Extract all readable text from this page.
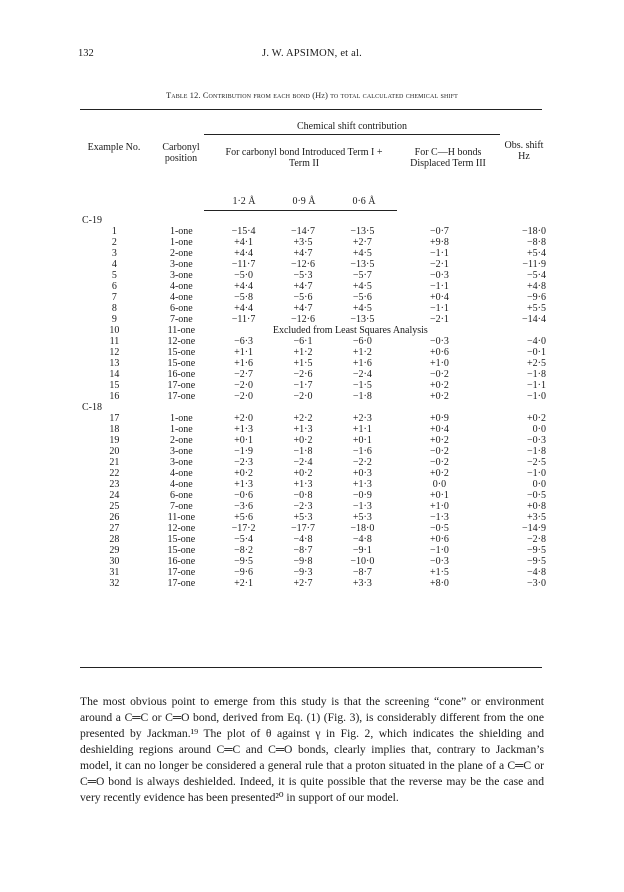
132	J. W. APSIMON, et al.
Table 12. Contribution from each bond (Hz) to total calculated chemical shift
Example No.	Carbonyl position
Chemical shift contribution
For carbonyl bond Introduced Term I + Term II
For C—H bonds Displaced Term III
Obs. shift Hz
1·2 Å	0·9 Å	0·6 Å
C-19						
1	1-one	−15·4	−14·7	−13·5	−0·7	−18·0
2	1-one	+4·1	+3·5	+2·7	+9·8	−8·8
3	2-one	+4·4	+4·7	+4·5	−1·1	+5·4
4	3-one	−11·7	−12·6	−13·5	−2·1	−11·9
5	3-one	−5·0	−5·3	−5·7	−0·3	−5·4
6	4-one	+4·4	+4·7	+4·5	−1·1	+4·8
7	4-one	−5·8	−5·6	−5·6	+0·4	−9·6
8	6-one	+4·4	+4·7	+4·5	−1·1	+5·5
9	7-one	−11·7	−12·6	−13·5	−2·1	−14·4
10	11-one	Excluded from Least Squares Analysis				
11	12-one	−6·3	−6·1	−6·0	−0·3	−4·0
12	15-one	+1·1	+1·2	+1·2	+0·6	−0·1
13	15-one	+1·6	+1·5	+1·6	+1·0	+2·5
14	16-one	−2·7	−2·6	−2·4	−0·2	−1·8
15	17-one	−2·0	−1·7	−1·5	+0·2	−1·1
16	17-one	−2·0	−2·0	−1·8	+0·2	−1·0
C-18						
17	1-one	+2·0	+2·2	+2·3	+0·9	+0·2
18	1-one	+1·3	+1·3	+1·1	+0·4	0·0
19	2-one	+0·1	+0·2	+0·1	+0·2	−0·3
20	3-one	−1·9	−1·8	−1·6	−0·2	−1·8
21	3-one	−2·3	−2·4	−2·2	−0·2	−2·5
22	4-one	+0·2	+0·2	+0·3	+0·2	−1·0
23	4-one	+1·3	+1·3	+1·3	0·0	0·0
24	6-one	−0·6	−0·8	−0·9	+0·1	−0·5
25	7-one	−3·6	−2·3	−1·3	+1·0	+0·8
26	11-one	+5·6	+5·3	+5·3	−1·3	+3·5
27	12-one	−17·2	−17·7	−18·0	−0·5	−14·9
28	15-one	−5·4	−4·8	−4·8	+0·6	−2·8
29	15-one	−8·2	−8·7	−9·1	−1·0	−9·5
30	16-one	−9·5	−9·8	−10·0	−0·3	−9·5
31	17-one	−9·6	−9·3	−8·7	+1·5	−4·8
32	17-one	+2·1	+2·7	+3·3	+8·0	−3·0

The most obvious point to emerge from this study is that the screening “cone” or environment around a C═C or C═O bond, derived from Eq. (1) (Fig. 3), is considerably different from the one presented by Jackman.¹⁹ The plot of θ against γ in Fig. 2, which indicates the shielding and deshielding regions around C═C and C═O bonds, clearly implies that, contrary to Jackman’s model, it can no longer be considered a general rule that a proton situated in the plane of a C═C or C═O bond is always deshielded. Indeed, it is quite possible that the reverse may be the case and very recently evidence has been presented²⁰ in support of our model.
